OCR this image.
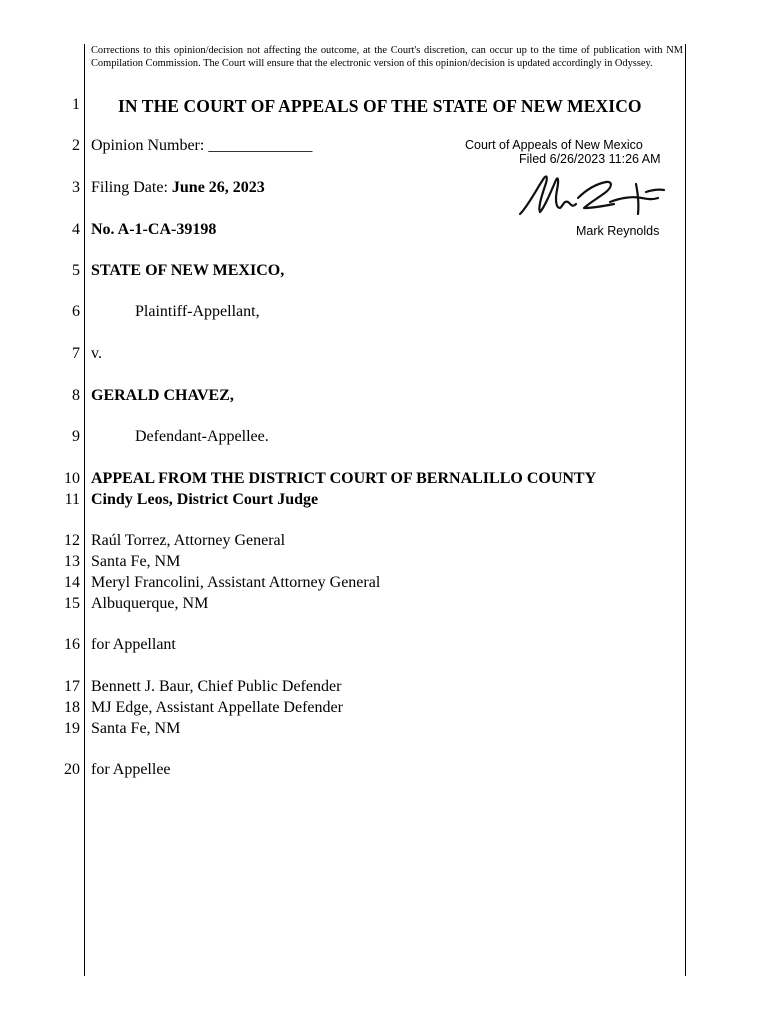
Corrections to this opinion/decision not affecting the outcome, at the Court's discretion, can occur up to the time of publication with NM Compilation Commission. The Court will ensure that the electronic version of this opinion/decision is updated accordingly in Odyssey.

1
2
3
4
5
6
7
8
9
10
11
12
13
14
15
16
17
18
19
20
IN THE COURT OF APPEALS OF THE STATE OF NEW MEXICO
Opinion Number: _____________
Filing Date: June 26, 2023
No. A-1-CA-39198
STATE OF NEW MEXICO,
Plaintiff-Appellant,
v.
GERALD CHAVEZ,
Defendant-Appellee.
APPEAL FROM THE DISTRICT COURT OF BERNALILLO COUNTY
Cindy Leos, District Court Judge
Raúl Torrez, Attorney General
Santa Fe, NM
Meryl Francolini, Assistant Attorney General
Albuquerque, NM
for Appellant
Bennett J. Baur, Chief Public Defender
MJ Edge, Assistant Appellate Defender
Santa Fe, NM
for Appellee
Court of Appeals of New Mexico
Filed 6/26/2023 11:26 AM
Mark Reynolds
